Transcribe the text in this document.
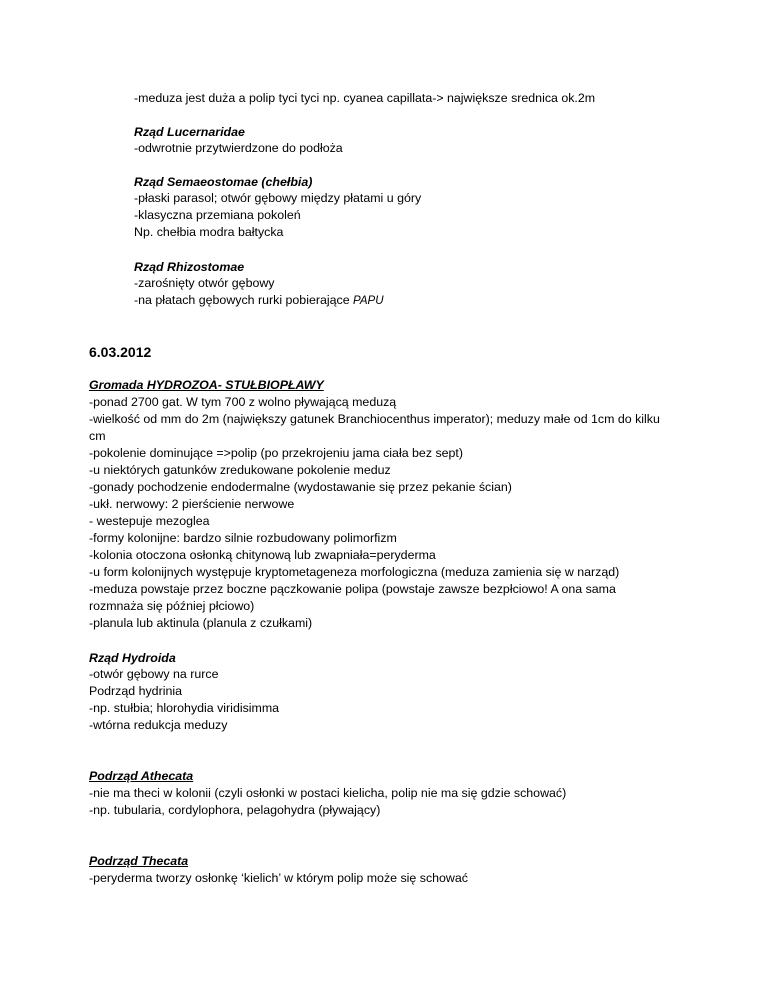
-meduza jest duża a polip tyci tyci np. cyanea capillata-> największe srednica ok.2m
Rząd Lucernaridae
-odwrotnie przytwierdzone do podłoża
Rząd Semaeostomae (chełbia)
-płaski parasol; otwór gębowy między płatami u góry
-klasyczna przemiana pokoleń
Np. chełbia modra bałtycka
Rząd Rhizostomae
-zarośnięty otwór gębowy
-na płatach gębowych rurki pobierające PAPU
6.03.2012
Gromada HYDROZOA- STUŁBIOPŁAWY
-ponad 2700 gat. W tym 700 z wolno pływającą meduzą
-wielkość od mm do 2m (największy gatunek Branchiocenthus imperator); meduzy małe od 1cm do kilku
cm
-pokolenie dominujące =>polip (po przekrojeniu jama ciała bez sept)
-u niektórych gatunków zredukowane pokolenie meduz
-gonady pochodzenie endodermalne (wydostawanie się przez pekanie ścian)
-ukł. nerwowy: 2 pierścienie nerwowe
- westepuje mezoglea
-formy kolonijne: bardzo silnie rozbudowany polimorfizm
-kolonia otoczona osłonką chitynową lub zwapniała=peryderma
-u form kolonijnych występuje kryptometageneza morfologiczna (meduza zamienia się w narząd)
-meduza powstaje przez boczne pączkowanie polipa (powstaje zawsze bezpłciowo! A ona sama
rozmnaża się później płciowo)
-planula lub aktinula (planula z czułkami)
Rząd Hydroida
-otwór gębowy na rurce
Podrząd hydrinia
-np. stułbia; hlorohydia viridisimma
-wtórna redukcja meduzy
Podrząd Athecata
-nie ma theci w kolonii (czyli osłonki w postaci kielicha, polip nie ma się gdzie schować)
-np. tubularia, cordylophora, pelagohydra (pływający)
Podrząd Thecata
-peryderma tworzy osłonkę ‘kielich’ w którym polip może się schować
